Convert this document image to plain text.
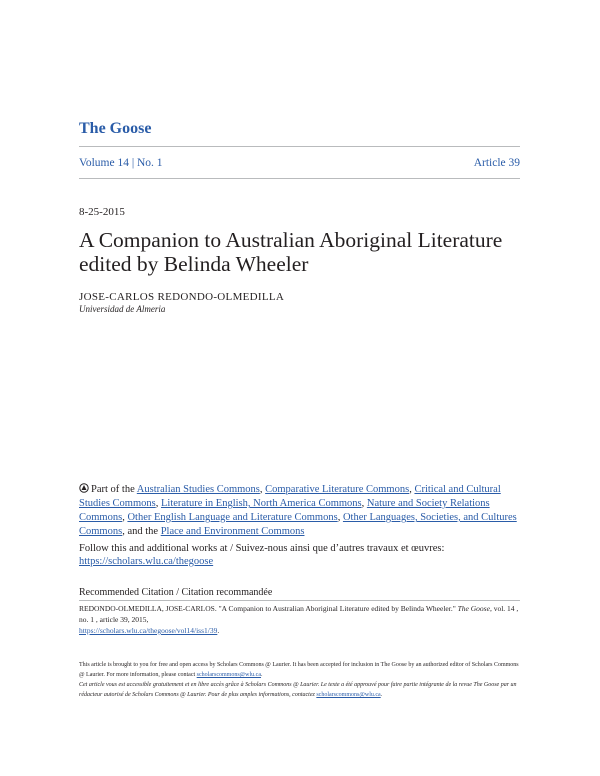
The Goose
Volume 14 | No. 1	Article 39
8-25-2015
A Companion to Australian Aboriginal Literature edited by Belinda Wheeler
JOSE-CARLOS REDONDO-OLMEDILLA
Universidad de Almeria
Part of the Australian Studies Commons, Comparative Literature Commons, Critical and Cultural Studies Commons, Literature in English, North America Commons, Nature and Society Relations Commons, Other English Language and Literature Commons, Other Languages, Societies, and Cultures Commons, and the Place and Environment Commons
Follow this and additional works at / Suivez-nous ainsi que d’autres travaux et œuvres:
https://scholars.wlu.ca/thegoose
Recommended Citation / Citation recommandée
REDONDO-OLMEDILLA, JOSE-CARLOS. "A Companion to Australian Aboriginal Literature edited by Belinda Wheeler." The Goose, vol. 14 , no. 1 , article 39, 2015,
https://scholars.wlu.ca/thegoose/vol14/iss1/39.
This article is brought to you for free and open access by Scholars Commons @ Laurier. It has been accepted for inclusion in The Goose by an authorized editor of Scholars Commons @ Laurier. For more information, please contact scholarscommons@wlu.ca.
Cet article vous est accessible gratuitement et en libre accès grâce à Scholars Commons @ Laurier. Le texte a été approuvé pour faire partie intégrante de la revue The Goose par un rédacteur autorisé de Scholars Commons @ Laurier. Pour de plus amples informations, contactez scholarscommons@wlu.ca.
